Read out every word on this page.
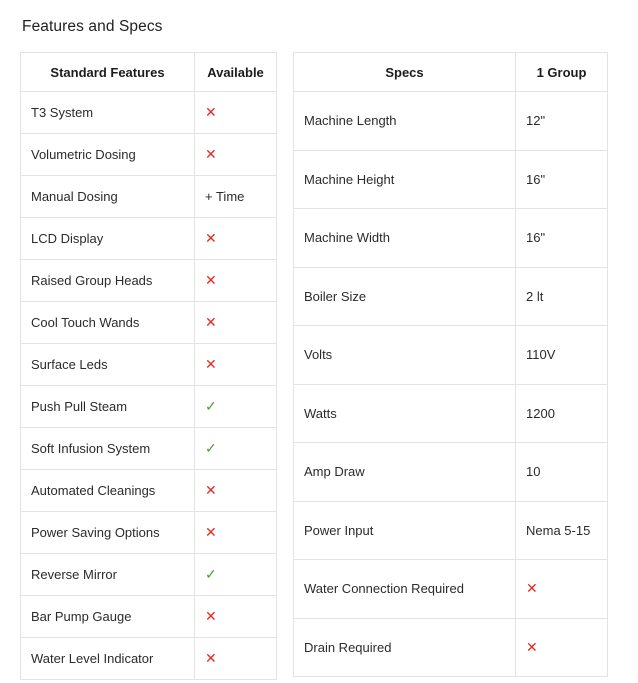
Features and Specs
Standard Features	Available
T3 System	✕
Volumetric Dosing	✕
Manual Dosing	+ Time
LCD Display	✕
Raised Group Heads	✕
Cool Touch Wands	✕
Surface Leds	✕
Push Pull Steam	✓
Soft Infusion System	✓
Automated Cleanings	✕
Power Saving Options	✕
Reverse Mirror	✓
Bar Pump Gauge	✕
Water Level Indicator	✕
Specs	1 Group
Machine Length	12"
Machine Height	16"
Machine Width	16"
Boiler Size	2 lt
Volts	110V
Watts	1200
Amp Draw	10
Power Input	Nema 5-15
Water Connection Required	✕
Drain Required	✕
